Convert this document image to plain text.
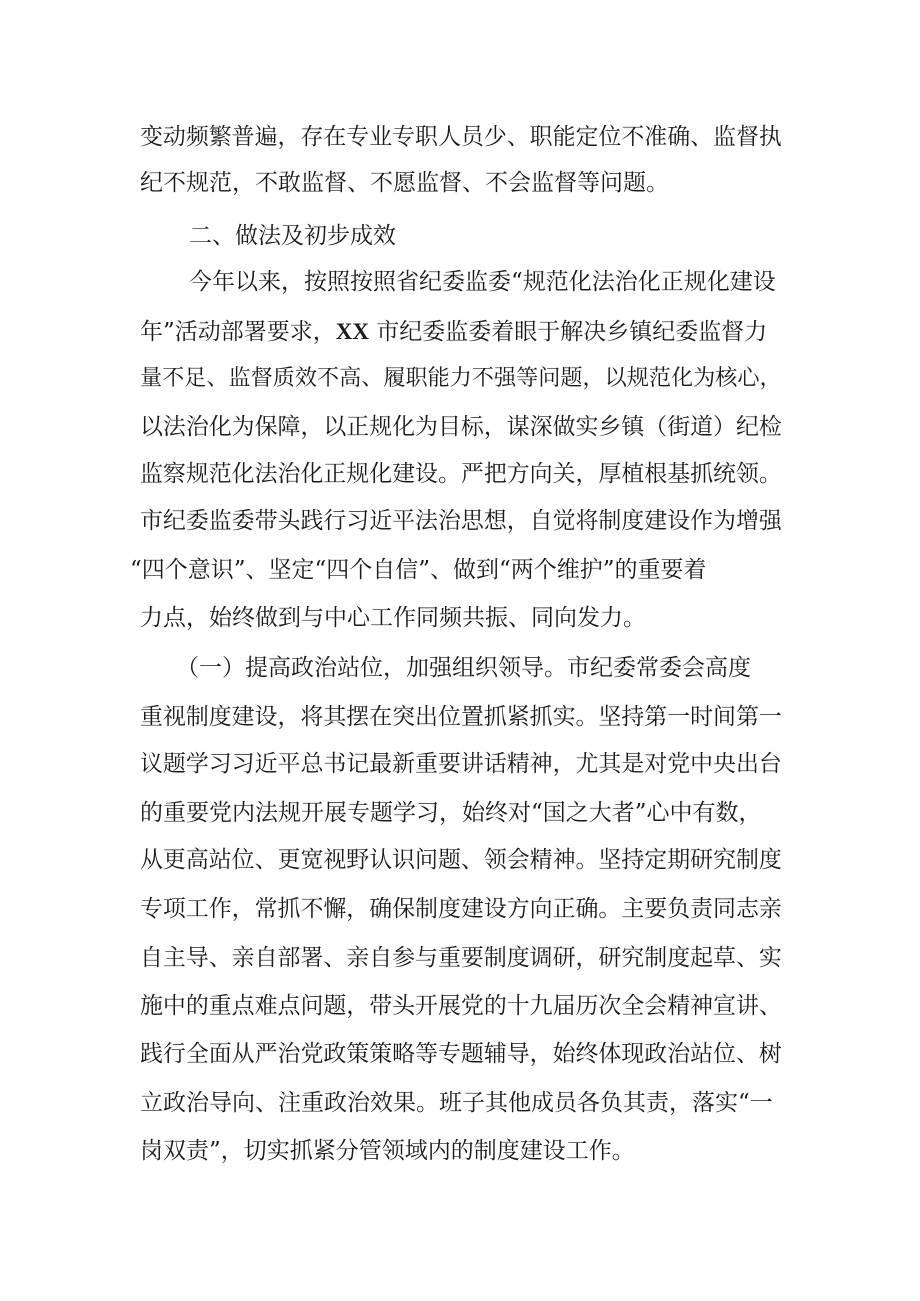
变动频繁普遍，存在专业专职人员少、职能定位不准确、监督执
纪不规范，不敢监督、不愿监督、不会监督等问题。
二、做法及初步成效
今年以来，按照按照省纪委监委“规范化法治化正规化建设
年”活动部署要求，XX 市纪委监委着眼于解决乡镇纪委监督力
量不足、监督质效不高、履职能力不强等问题，以规范化为核心，
以法治化为保障，以正规化为目标，谋深做实乡镇（街道）纪检
监察规范化法治化正规化建设。严把方向关，厚植根基抓统领。
市纪委监委带头践行习近平法治思想，自觉将制度建设作为增强
“四个意识”、坚定“四个自信”、做到“两个维护”的重要着
力点，始终做到与中心工作同频共振、同向发力。
（一）提高政治站位，加强组织领导。市纪委常委会高度
重视制度建设，将其摆在突出位置抓紧抓实。坚持第一时间第一
议题学习习近平总书记最新重要讲话精神，尤其是对党中央出台
的重要党内法规开展专题学习，始终对“国之大者”心中有数，
从更高站位、更宽视野认识问题、领会精神。坚持定期研究制度
专项工作，常抓不懈，确保制度建设方向正确。主要负责同志亲
自主导、亲自部署、亲自参与重要制度调研，研究制度起草、实
施中的重点难点问题，带头开展党的十九届历次全会精神宣讲、
践行全面从严治党政策策略等专题辅导，始终体现政治站位、树
立政治导向、注重政治效果。班子其他成员各负其责，落实“一
岗双责”，切实抓紧分管领域内的制度建设工作。
